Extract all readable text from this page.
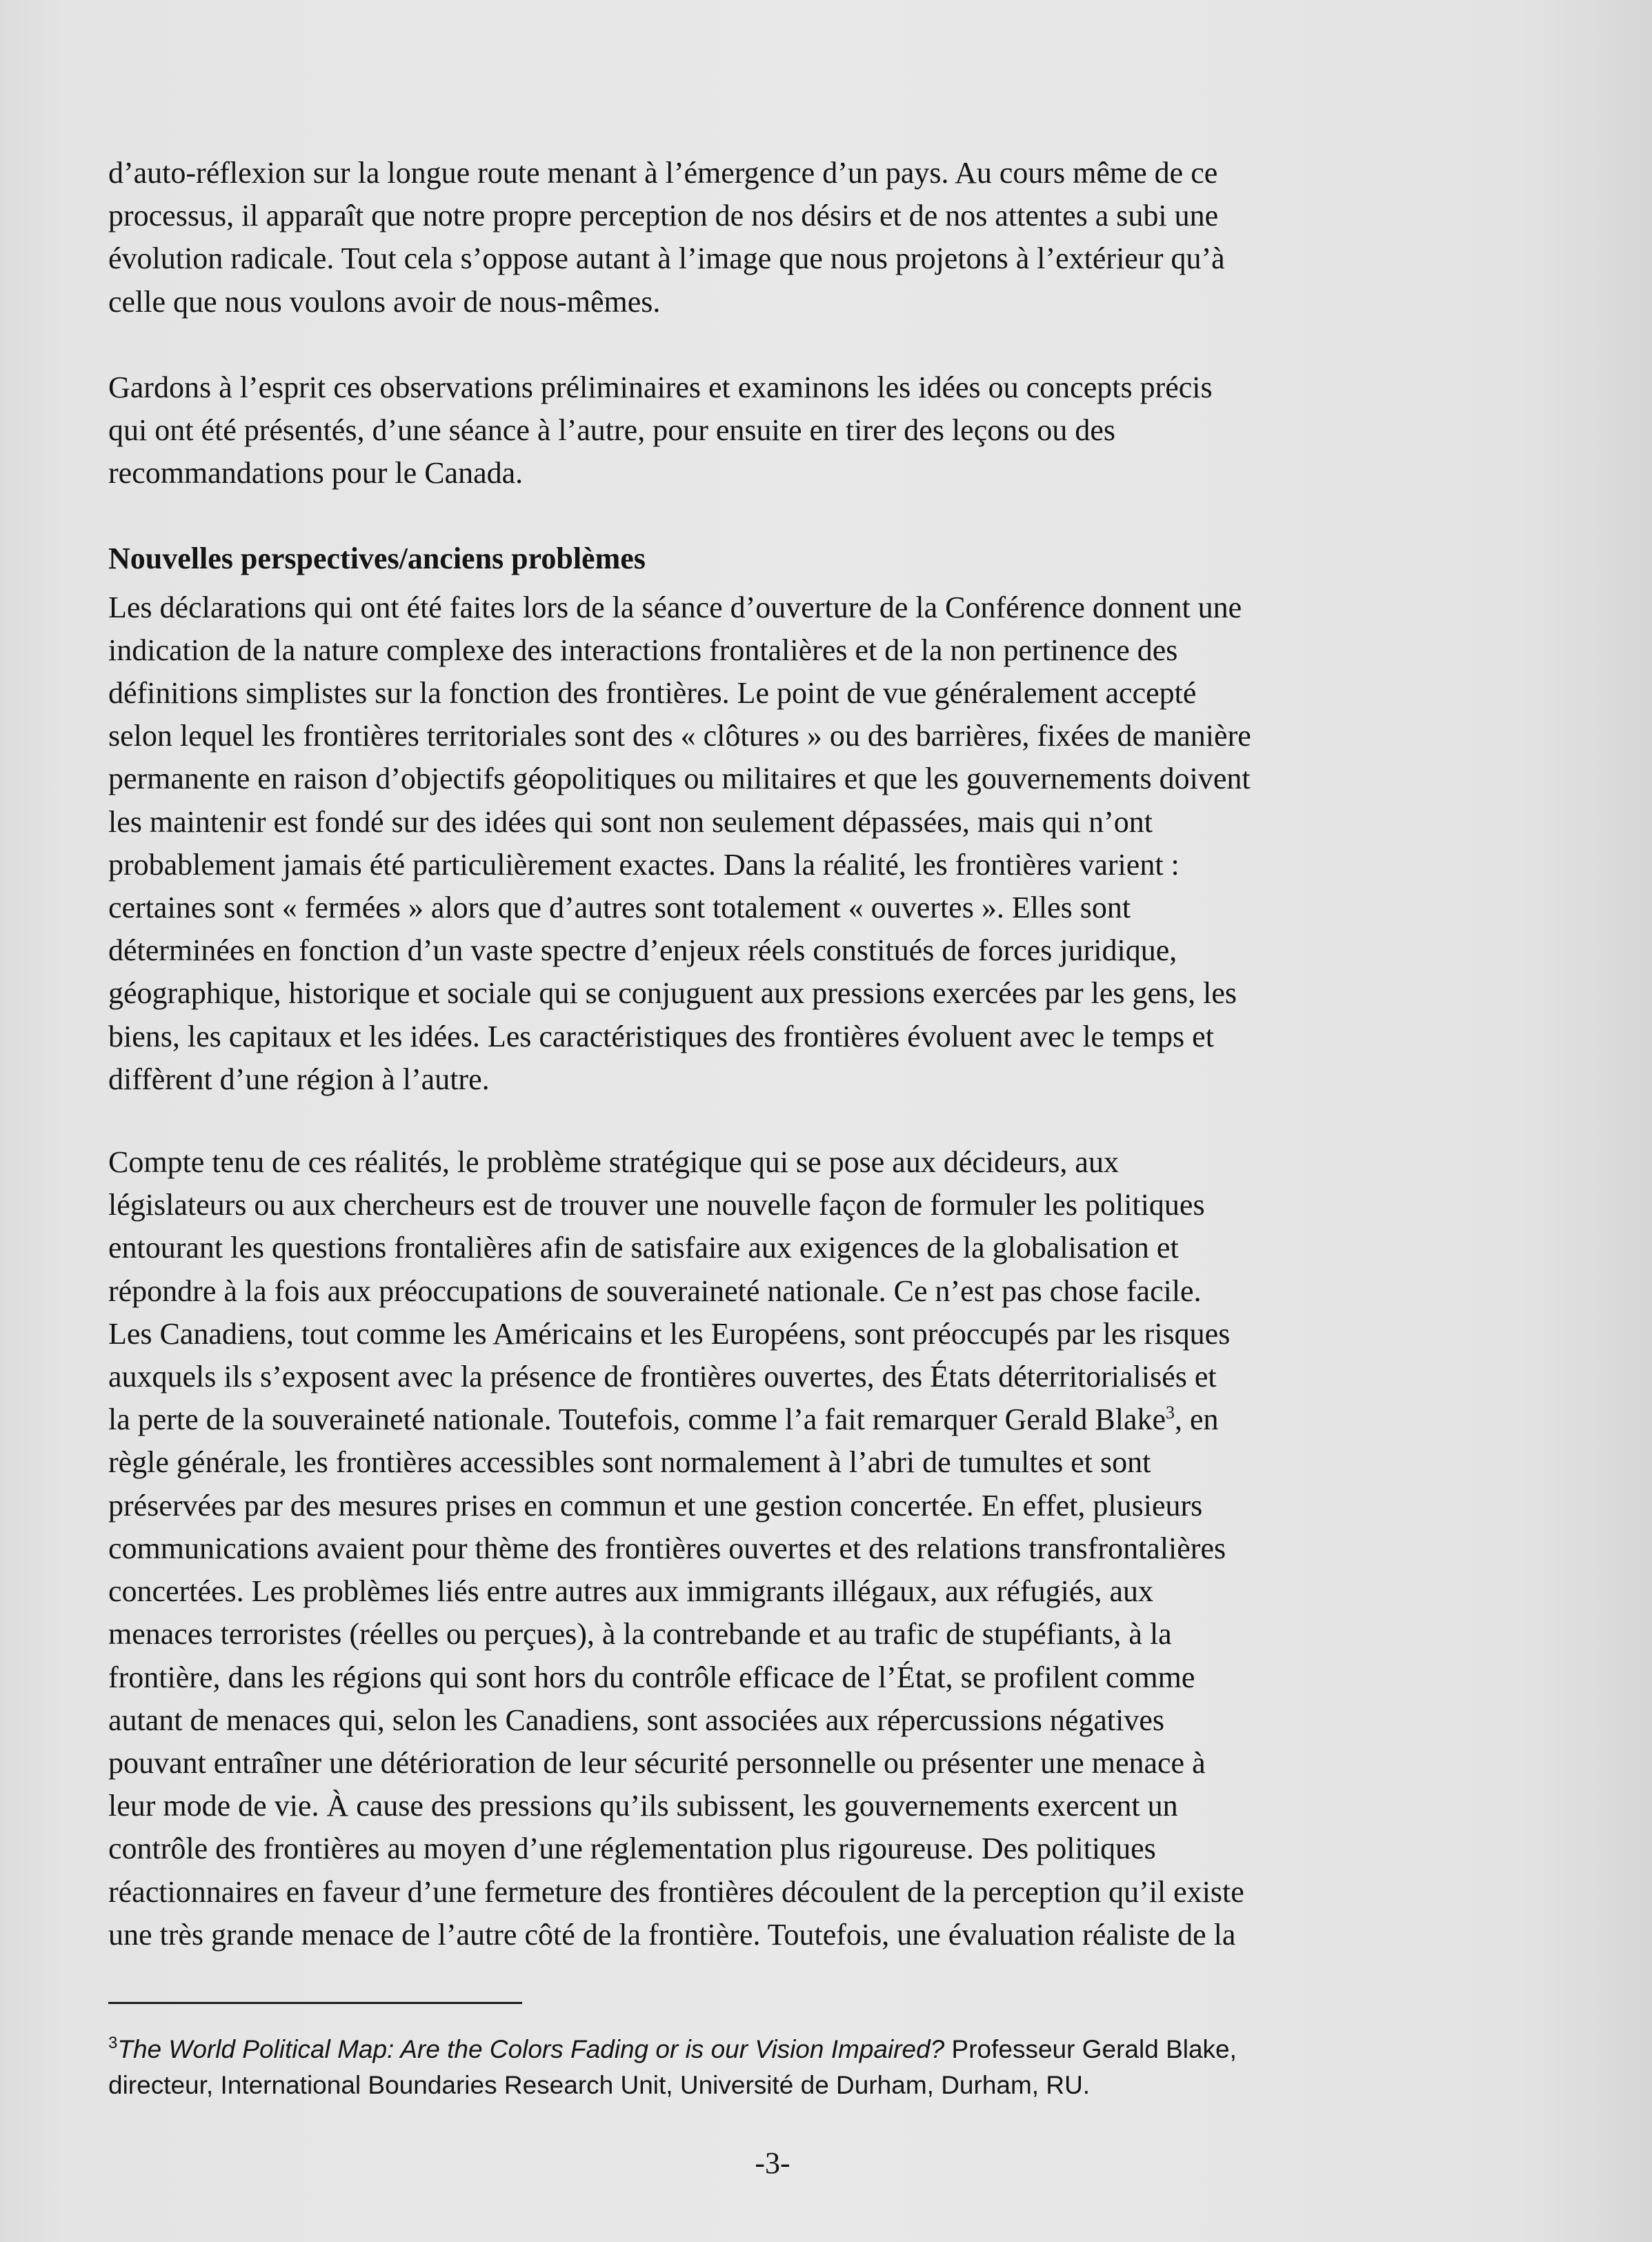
d’auto-réflexion sur la longue route menant à l’émergence d’un pays. Au cours même de ce

processus, il apparaît que notre propre perception de nos désirs et de nos attentes a subi une

évolution radicale. Tout cela s’oppose autant à l’image que nous projetons à l’extérieur qu’à

celle que nous voulons avoir de nous-mêmes.

Gardons à l’esprit ces observations préliminaires et examinons les idées ou concepts précis

qui ont été présentés, d’une séance à l’autre, pour ensuite en tirer des leçons ou des

recommandations pour le Canada.

Nouvelles perspectives/anciens problèmes

Les déclarations qui ont été faites lors de la séance d’ouverture de la Conférence donnent une

indication de la nature complexe des interactions frontalières et de la non pertinence des

définitions simplistes sur la fonction des frontières. Le point de vue généralement accepté

selon lequel les frontières territoriales sont des « clôtures » ou des barrières, fixées de manière

permanente en raison d’objectifs géopolitiques ou militaires et que les gouvernements doivent

les maintenir est fondé sur des idées qui sont non seulement dépassées, mais qui n’ont

probablement jamais été particulièrement exactes. Dans la réalité, les frontières varient :

certaines sont « fermées » alors que d’autres sont totalement « ouvertes ». Elles sont

déterminées en fonction d’un vaste spectre d’enjeux réels constitués de forces juridique,

géographique, historique et sociale qui se conjuguent aux pressions exercées par les gens, les

biens, les capitaux et les idées. Les caractéristiques des frontières évoluent avec le temps et

diffèrent d’une région à l’autre.

Compte tenu de ces réalités, le problème stratégique qui se pose aux décideurs, aux

législateurs ou aux chercheurs est de trouver une nouvelle façon de formuler les politiques

entourant les questions frontalières afin de satisfaire aux exigences de la globalisation et

répondre à la fois aux préoccupations de souveraineté nationale. Ce n’est pas chose facile.

Les Canadiens, tout comme les Américains et les Européens, sont préoccupés par les risques

auxquels ils s’exposent avec la présence de frontières ouvertes, des États déterritorialisés et

la perte de la souveraineté nationale. Toutefois, comme l’a fait remarquer Gerald Blake$^3$, en

règle générale, les frontières accessibles sont normalement à l’abri de tumultes et sont

préservées par des mesures prises en commun et une gestion concertée. En effet, plusieurs

communications avaient pour thème des frontières ouvertes et des relations transfrontalières

concertées. Les problèmes liés entre autres aux immigrants illégaux, aux réfugiés, aux

menaces terroristes (réelles ou perçues), à la contrebande et au trafic de stupéfiants, à la

frontière, dans les régions qui sont hors du contrôle efficace de l’État, se profilent comme

autant de menaces qui, selon les Canadiens, sont associées aux répercussions négatives

pouvant entraîner une détérioration de leur sécurité personnelle ou présenter une menace à

leur mode de vie. À cause des pressions qu’ils subissent, les gouvernements exercent un

contrôle des frontières au moyen d’une réglementation plus rigoureuse. Des politiques

réactionnaires en faveur d’une fermeture des frontières découlent de la perception qu’il existe

une très grande menace de l’autre côté de la frontière. Toutefois, une évaluation réaliste de la

$^3$The World Political Map: Are the Colors Fading or is our Vision Impaired? Professeur Gerald Blake,

directeur, International Boundaries Research Unit, Université de Durham, Durham, RU.

-3-
